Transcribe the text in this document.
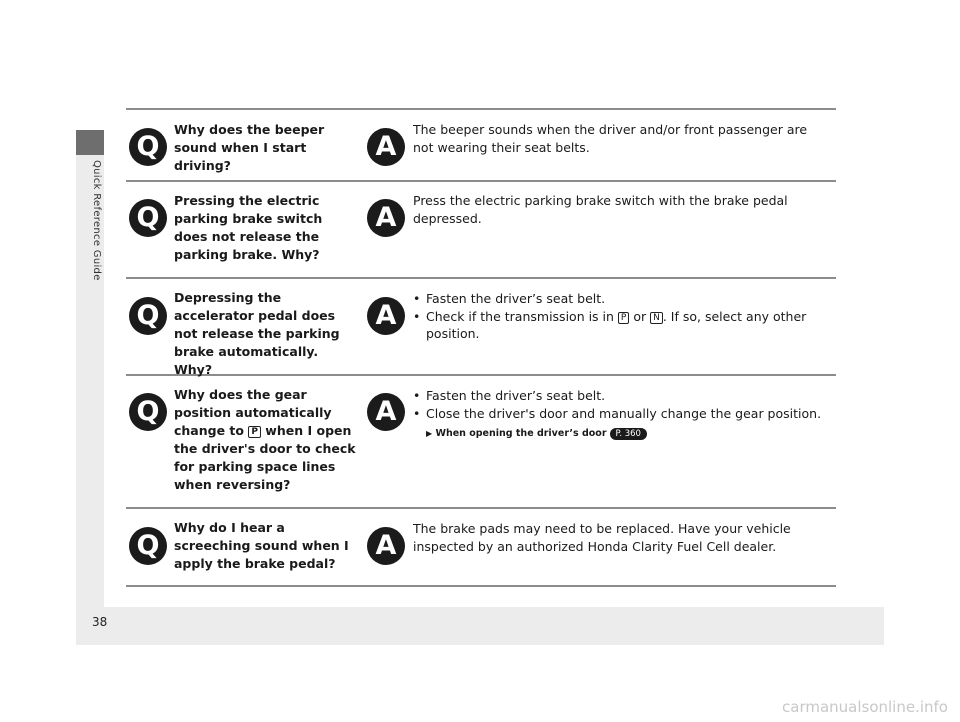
Quick Reference Guide
38
Q
Why does the beeper sound when I start driving?
A
The beeper sounds when the driver and/or front passenger are not wearing their seat belts.
Q
Pressing the electric parking brake switch does not release the parking brake. Why?
A
Press the electric parking brake switch with the brake pedal depressed.
Q
Depressing the accelerator pedal does not release the parking brake automatically. Why?
A
• Fasten the driver’s seat belt.
• Check if the transmission is in P or N . If so, select any other position.
Q
Why does the gear position automatically change to P when I open the driver's door to check for parking space lines when reversing?
A
• Fasten the driver’s seat belt.
• Close the driver's door and manually change the gear position.
▶ When opening the driver’s door P. 360
Q
Why do I hear a screeching sound when I apply the brake pedal?
A
The brake pads may need to be replaced. Have your vehicle inspected by an authorized Honda Clarity Fuel Cell dealer.
carmanualsonline.info
